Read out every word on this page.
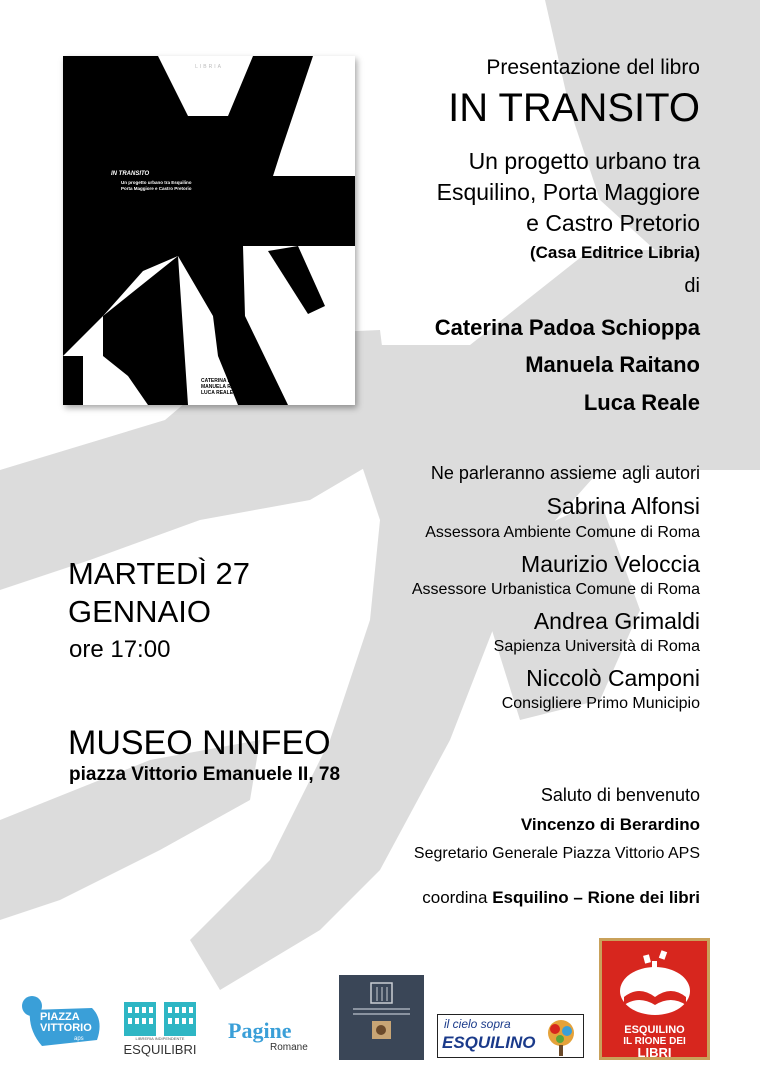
LIBRIA
IN TRANSITO
Un progetto urbano tra Esquilino
Porta Maggiore e Castro Pretorio
CATERINA PADOA SCHIOPPA
MANUELA RAITANO
LUCA REALE
Presentazione del libro
IN TRANSITO
Un progetto urbano tra
Esquilino, Porta Maggiore
e Castro Pretorio
(Casa Editrice Libria)
di
Caterina Padoa Schioppa
Manuela Raitano
Luca Reale
Ne parleranno assieme agli autori
Sabrina Alfonsi
Assessora Ambiente Comune di Roma
Maurizio Veloccia
Assessore Urbanistica Comune di Roma
Andrea Grimaldi
Sapienza Università di Roma
Niccolò Camponi
Consigliere Primo Municipio
MARTEDÌ 27
GENNAIO
ore 17:00
MUSEO NINFEO
piazza Vittorio Emanuele II, 78
Saluto di benvenuto
Vincenzo di Berardino
Segretario Generale Piazza Vittorio APS
coordina Esquilino – Rione dei libri
PIAZZA
VITTORIO
aps	LIBRERIA INDIPENDENTE
ESQUILIBRI
Pagine
Romane
il cielo sopra
ESQUILINO
ESQUILINO
IL RIONE DEI
LIBRI
